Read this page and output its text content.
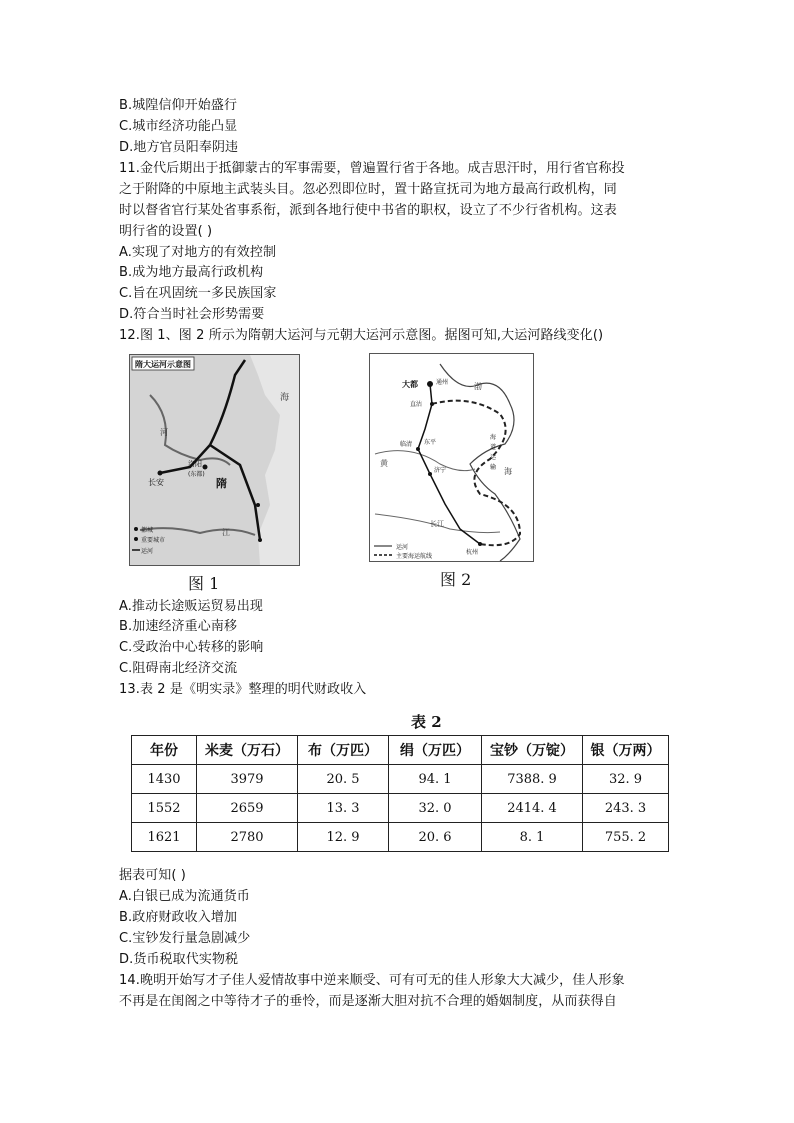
B.城隍信仰开始盛行
C.城市经济功能凸显
D.地方官员阳奉阴违
11.金代后期出于抵御蒙古的军事需要，曾遍置行省于各地。成吉思汗时，用行省官称投
之于附降的中原地主武装头目。忽必烈即位时，置十路宣抚司为地方最高行政机构，同
时以督省官行某处省事系衔，派到各地行使中书省的职权，设立了不少行省机构。这表
明行省的设置( )
A.实现了对地方的有效控制
B.成为地方最高行政机构
C.旨在巩固统一多民族国家
D.符合当时社会形势需要
12.图 1、图 2 所示为隋朝大运河与元朝大运河示意图。据图可知,大运河路线变化()
隋大运河示意图
洛阳
(东都)
长安	隋
海
河
江
都城
重要城市
运河
图 1
大都	通州
直沽
临清 东平
济宁
杭州
渤
海
黄
长江
海
道
运
输
运河
主要海运航线
图 2
A.推动长途贩运贸易出现
B.加速经济重心南移
C.受政治中心转移的影响
C.阻碍南北经济交流
13.表 2 是《明实录》整理的明代财政收入
表 2
年份	米麦（万石）	布（万匹）	绢（万匹）	宝钞（万锭）	银（万两）
1430	3979	20. 5	94. 1	7388. 9	32. 9
1552	2659	13. 3	32. 0	2414. 4	243. 3
1621	2780	12. 9	20. 6	8. 1	755. 2
据表可知( )
A.白银已成为流通货币
B.政府财政收入增加
C.宝钞发行量急剧减少
D.货币税取代实物税
14.晚明开始写才子佳人爱情故事中逆来顺受、可有可无的佳人形象大大减少，佳人形象
不再是在闺阁之中等待才子的垂怜，而是逐渐大胆对抗不合理的婚姻制度，从而获得自
